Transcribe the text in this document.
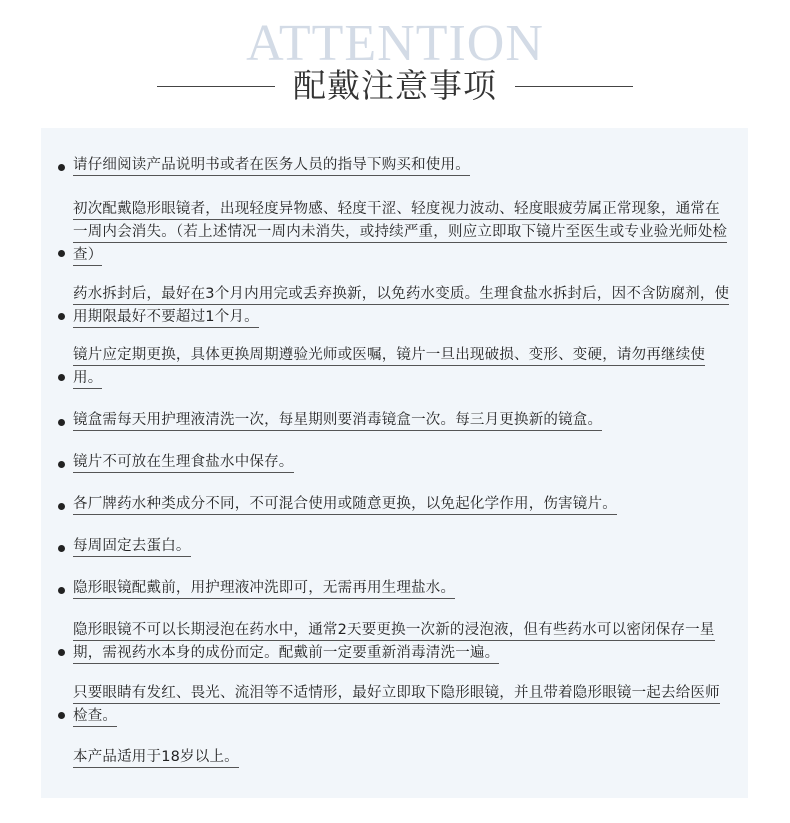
ATTENTION
配戴注意事项
请仔细阅读产品说明书或者在医务人员的指导下购买和使用。
初次配戴隐形眼镜者，出现轻度异物感、轻度干涩、轻度视力波动、轻度眼疲劳属正常现象，通常在一周内会消失。（若上述情况一周内未消失，或持续严重，则应立即取下镜片至医生或专业验光师处检查）
药水拆封后，最好在3个月内用完或丢弃换新，以免药水变质。生理食盐水拆封后，因不含防腐剂，使用期限最好不要超过1个月。
镜片应定期更换，具体更换周期遵验光师或医嘱，镜片一旦出现破损、变形、变硬，请勿再继续使用。
镜盒需每天用护理液清洗一次，每星期则要消毒镜盒一次。每三月更换新的镜盒。
镜片不可放在生理食盐水中保存。
各厂牌药水种类成分不同，不可混合使用或随意更换，以免起化学作用，伤害镜片。
每周固定去蛋白。
隐形眼镜配戴前，用护理液冲洗即可，无需再用生理盐水。
隐形眼镜不可以长期浸泡在药水中，通常2天要更换一次新的浸泡液，但有些药水可以密闭保存一星期，需视药水本身的成份而定。配戴前一定要重新消毒清洗一遍。
只要眼睛有发红、畏光、流泪等不适情形，最好立即取下隐形眼镜，并且带着隐形眼镜一起去给医师检查。
本产品适用于18岁以上。
